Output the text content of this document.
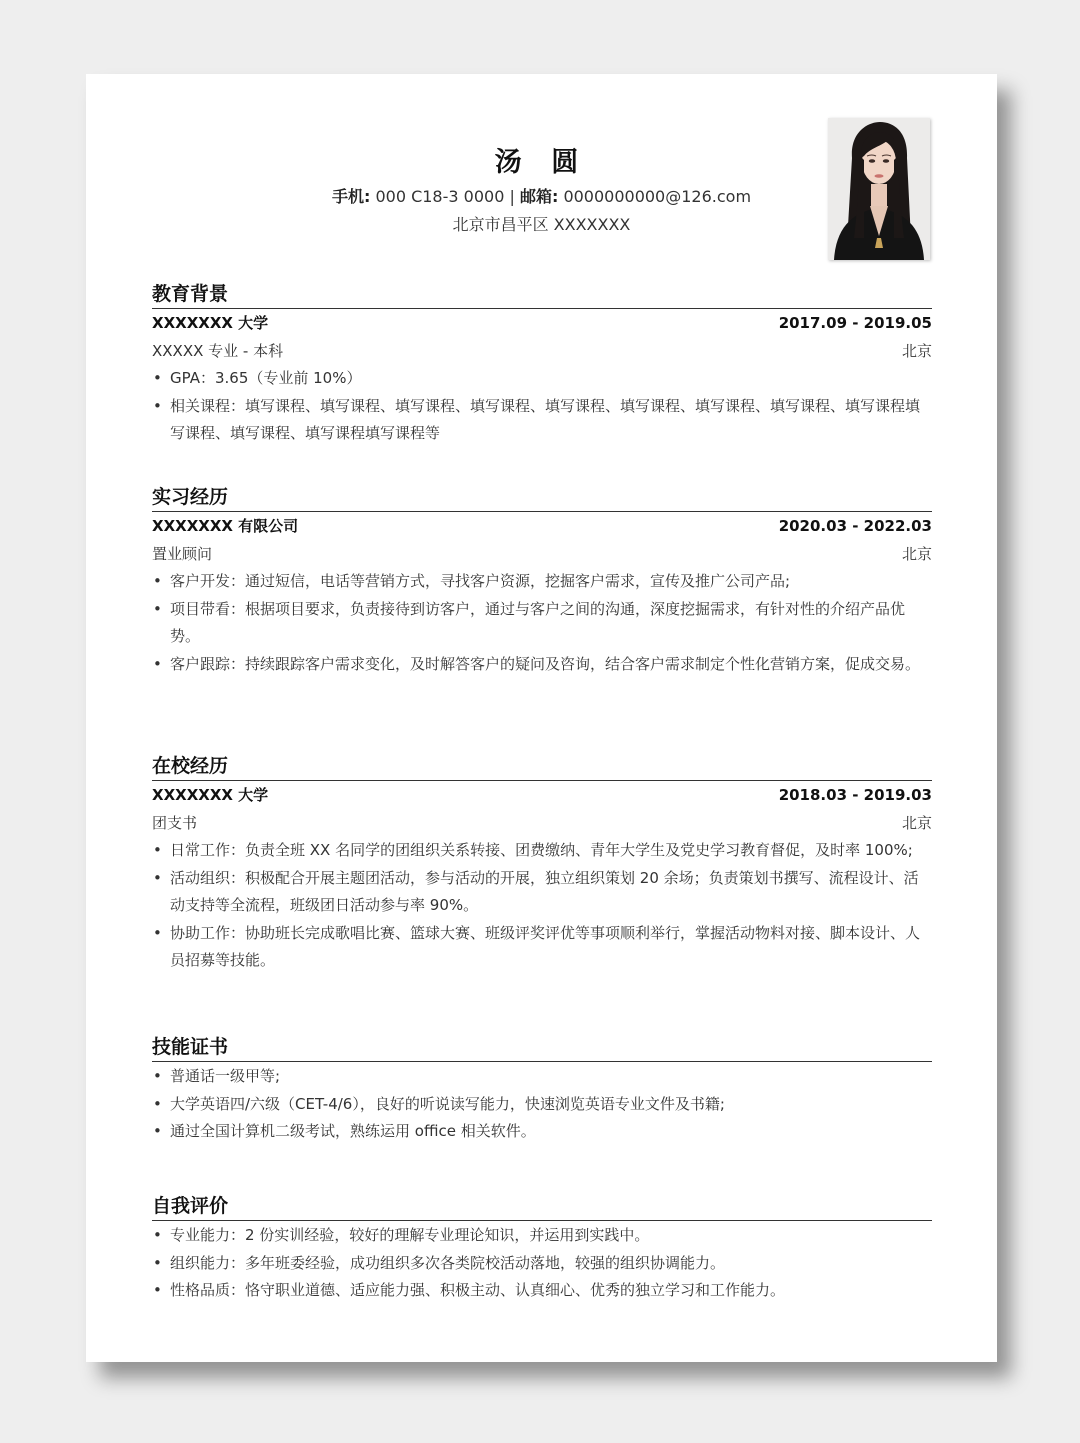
汤 圆
手机: 000 C18-3 0000 | 邮箱: 0000000000@126.com
北京市昌平区 XXXXXXX
教育背景
XXXXXXX 大学	2017.09 - 2019.05
XXXXX 专业 - 本科	北京
• GPA：3.65（专业前 10%）
• 相关课程：填写课程、填写课程、填写课程、填写课程、填写课程、填写课程、填写课程、填写课程、填写课程填写课程、填写课程、填写课程填写课程等
实习经历
XXXXXXX 有限公司	2020.03 - 2022.03
置业顾问	北京
• 客户开发：通过短信，电话等营销方式，寻找客户资源，挖掘客户需求，宣传及推广公司产品;
• 项目带看：根据项目要求，负责接待到访客户，通过与客户之间的沟通，深度挖掘需求，有针对性的介绍产品优势。
• 客户跟踪：持续跟踪客户需求变化，及时解答客户的疑问及咨询，结合客户需求制定个性化营销方案，促成交易。
在校经历
XXXXXXX 大学	2018.03 - 2019.03
团支书	北京
• 日常工作：负责全班 XX 名同学的团组织关系转接、团费缴纳、青年大学生及党史学习教育督促，及时率 100%;
• 活动组织：积极配合开展主题团活动，参与活动的开展，独立组织策划 20 余场；负责策划书撰写、流程设计、活动支持等全流程，班级团日活动参与率 90%。
• 协助工作：协助班长完成歌唱比赛、篮球大赛、班级评奖评优等事项顺利举行，掌握活动物料对接、脚本设计、人员招募等技能。
技能证书
• 普通话一级甲等;
• 大学英语四/六级（CET-4/6），良好的听说读写能力，快速浏览英语专业文件及书籍;
• 通过全国计算机二级考试，熟练运用 office 相关软件。
自我评价
• 专业能力：2 份实训经验，较好的理解专业理论知识，并运用到实践中。
• 组织能力：多年班委经验，成功组织多次各类院校活动落地，较强的组织协调能力。
• 性格品质：恪守职业道德、适应能力强、积极主动、认真细心、优秀的独立学习和工作能力。
